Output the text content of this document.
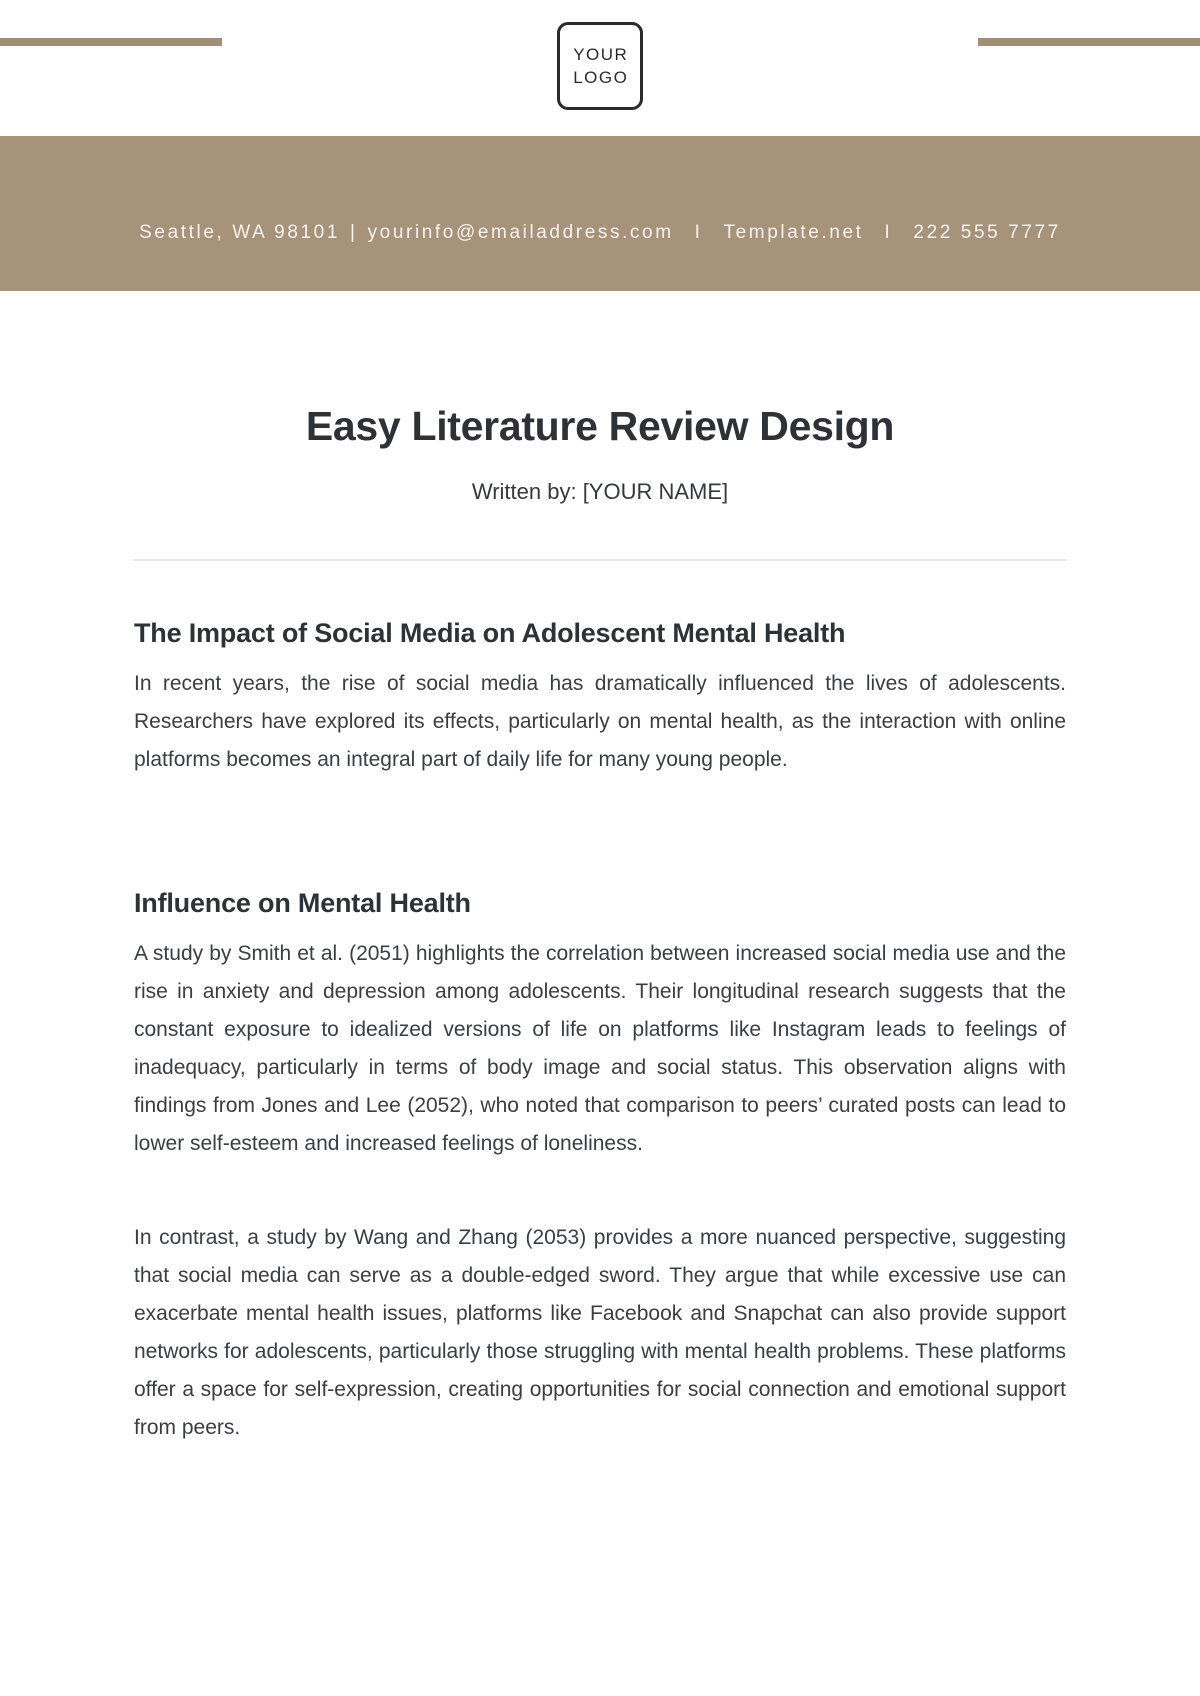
YOUR
LOGO
Seattle, WA 98101 | yourinfo@emailaddress.com I Template.net I 222 555 7777
Easy Literature Review Design

Written by: [YOUR NAME]

The Impact of Social Media on Adolescent Mental Health

In recent years, the rise of social media has dramatically influenced the lives of adolescents. Researchers have explored its effects, particularly on mental health, as the interaction with online platforms becomes an integral part of daily life for many young people.

Influence on Mental Health

A study by Smith et al. (2051) highlights the correlation between increased social media use and the rise in anxiety and depression among adolescents. Their longitudinal research suggests that the constant exposure to idealized versions of life on platforms like Instagram leads to feelings of inadequacy, particularly in terms of body image and social status. This observation aligns with findings from Jones and Lee (2052), who noted that comparison to peers’ curated posts can lead to lower self-esteem and increased feelings of loneliness.

In contrast, a study by Wang and Zhang (2053) provides a more nuanced perspective, suggesting that social media can serve as a double-edged sword. They argue that while excessive use can exacerbate mental health issues, platforms like Facebook and Snapchat can also provide support networks for adolescents, particularly those struggling with mental health problems. These platforms offer a space for self-expression, creating opportunities for social connection and emotional support from peers.
